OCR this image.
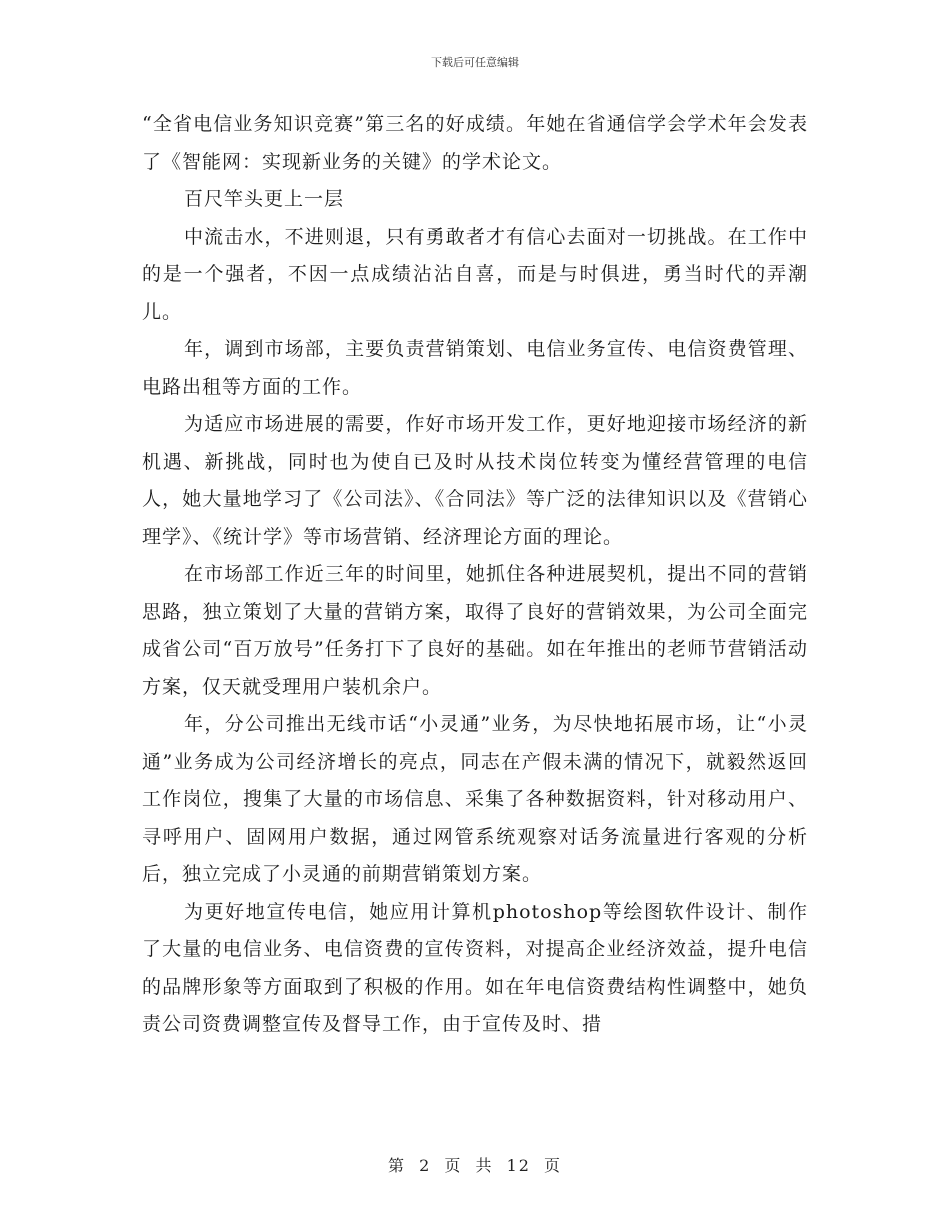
下载后可任意编辑

“全省电信业务知识竞赛”第三名的好成绩。年她在省通信学会学术年会发表了《智能网：实现新业务的关键》的学术论文。

百尺竿头更上一层

中流击水，不进则退，只有勇敢者才有信心去面对一切挑战。在工作中的是一个强者，不因一点成绩沾沾自喜，而是与时俱进，勇当时代的弄潮儿。

年，调到市场部，主要负责营销策划、电信业务宣传、电信资费管理、电路出租等方面的工作。

为适应市场进展的需要，作好市场开发工作，更好地迎接市场经济的新机遇、新挑战，同时也为使自已及时从技术岗位转变为懂经营管理的电信人，她大量地学习了《公司法》、《合同法》等广泛的法律知识以及《营销心理学》、《统计学》等市场营销、经济理论方面的理论。

在市场部工作近三年的时间里，她抓住各种进展契机，提出不同的营销思路，独立策划了大量的营销方案，取得了良好的营销效果，为公司全面完成省公司“百万放号”任务打下了良好的基础。如在年推出的老师节营销活动方案，仅天就受理用户装机余户。

年，分公司推出无线市话“小灵通”业务，为尽快地拓展市场，让“小灵通”业务成为公司经济增长的亮点，同志在产假未满的情况下，就毅然返回工作岗位，搜集了大量的市场信息、采集了各种数据资料，针对移动用户、寻呼用户、固网用户数据，通过网管系统观察对话务流量进行客观的分析后，独立完成了小灵通的前期营销策划方案。

为更好地宣传电信，她应用计算机photoshop等绘图软件设计、制作了大量的电信业务、电信资费的宣传资料，对提高企业经济效益，提升电信的品牌形象等方面取到了积极的作用。如在年电信资费结构性调整中，她负责公司资费调整宣传及督导工作，由于宣传及时、措

第 2 页 共 12 页
